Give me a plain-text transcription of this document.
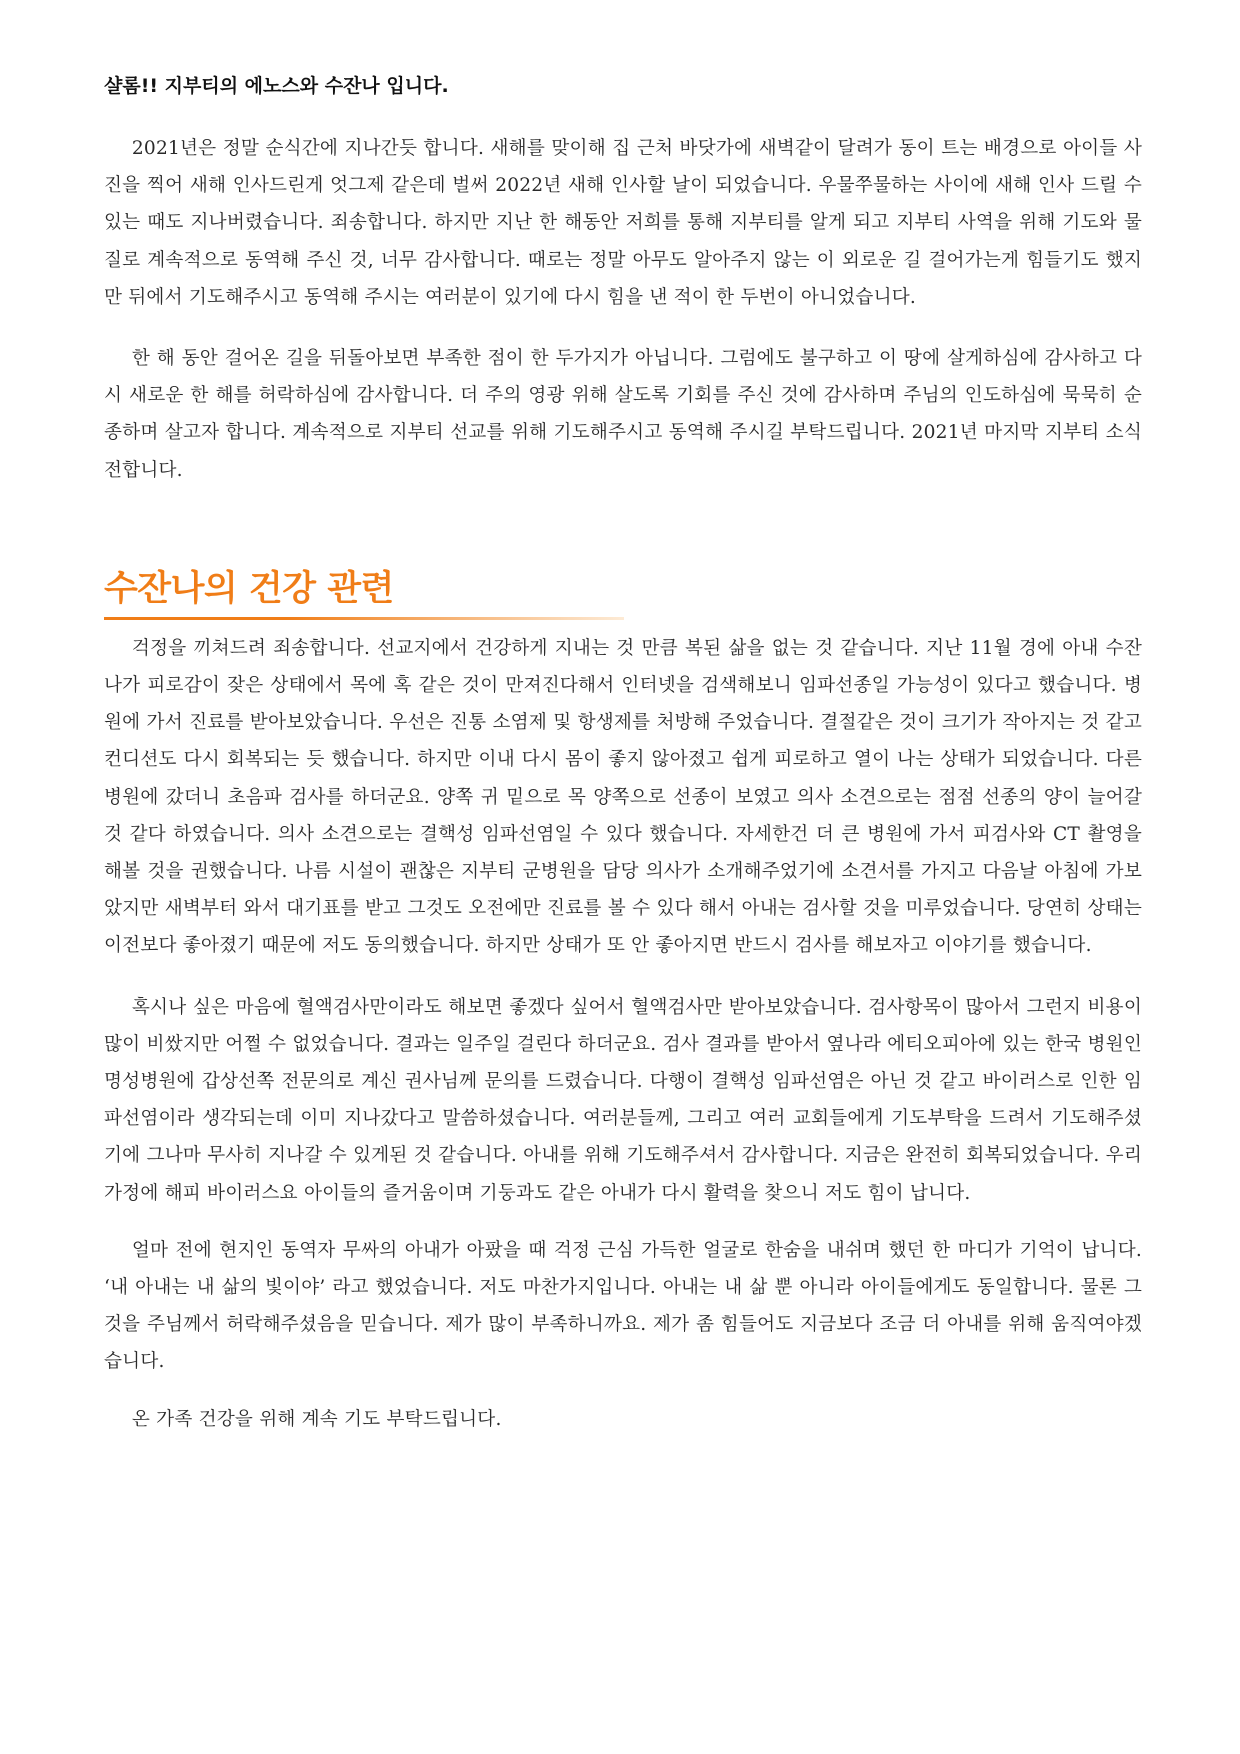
샬롬!! 지부티의 에노스와 수잔나 입니다.

2021년은 정말 순식간에 지나간듯 합니다. 새해를 맞이해 집 근처 바닷가에 새벽같이 달려가 동이 트는 배경으로 아이들 사진을 찍어 새해 인사드린게 엇그제 같은데 벌써 2022년 새해 인사할 날이 되었습니다. 우물쭈물하는 사이에 새해 인사 드릴 수 있는 때도 지나버렸습니다. 죄송합니다. 하지만 지난 한 해동안 저희를 통해 지부티를 알게 되고 지부티 사역을 위해 기도와 물질로 계속적으로 동역해 주신 것, 너무 감사합니다. 때로는 정말 아무도 알아주지 않는 이 외로운 길 걸어가는게 힘들기도 했지만 뒤에서 기도해주시고 동역해 주시는 여러분이 있기에 다시 힘을 낸 적이 한 두번이 아니었습니다.

한 해 동안 걸어온 길을 뒤돌아보면 부족한 점이 한 두가지가 아닙니다. 그럼에도 불구하고 이 땅에 살게하심에 감사하고 다시 새로운 한 해를 허락하심에 감사합니다. 더 주의 영광 위해 살도록 기회를 주신 것에 감사하며 주님의 인도하심에 묵묵히 순종하며 살고자 합니다. 계속적으로 지부티 선교를 위해 기도해주시고 동역해 주시길 부탁드립니다. 2021년 마지막 지부티 소식 전합니다.

수잔나의 건강 관련

걱정을 끼쳐드려 죄송합니다. 선교지에서 건강하게 지내는 것 만큼 복된 삶을 없는 것 같습니다. 지난 11월 경에 아내 수잔나가 피로감이 잦은 상태에서 목에 혹 같은 것이 만져진다해서 인터넷을 검색해보니 임파선종일 가능성이 있다고 했습니다. 병원에 가서 진료를 받아보았습니다. 우선은 진통 소염제 및 항생제를 처방해 주었습니다. 결절같은 것이 크기가 작아지는 것 같고 컨디션도 다시 회복되는 듯 했습니다. 하지만 이내 다시 몸이 좋지 않아졌고 쉽게 피로하고 열이 나는 상태가 되었습니다. 다른 병원에 갔더니 초음파 검사를 하더군요. 양쪽 귀 밑으로 목 양쪽으로 선종이 보였고 의사 소견으로는 점점 선종의 양이 늘어갈 것 같다 하였습니다. 의사 소견으로는 결핵성 임파선염일 수 있다 했습니다. 자세한건 더 큰 병원에 가서 피검사와 CT 촬영을 해볼 것을 권했습니다. 나름 시설이 괜찮은 지부티 군병원을 담당 의사가 소개해주었기에 소견서를 가지고 다음날 아침에 가보았지만 새벽부터 와서 대기표를 받고 그것도 오전에만 진료를 볼 수 있다 해서 아내는 검사할 것을 미루었습니다. 당연히 상태는 이전보다 좋아졌기 때문에 저도 동의했습니다. 하지만 상태가 또 안 좋아지면 반드시 검사를 해보자고 이야기를 했습니다.

혹시나 싶은 마음에 혈액검사만이라도 해보면 좋겠다 싶어서 혈액검사만 받아보았습니다. 검사항목이 많아서 그런지 비용이 많이 비쌌지만 어쩔 수 없었습니다. 결과는 일주일 걸린다 하더군요. 검사 결과를 받아서 옆나라 에티오피아에 있는 한국 병원인 명성병원에 갑상선쪽 전문의로 계신 권사님께 문의를 드렸습니다. 다행이 결핵성 임파선염은 아닌 것 같고 바이러스로 인한 임파선염이라 생각되는데 이미 지나갔다고 말씀하셨습니다. 여러분들께, 그리고 여러 교회들에게 기도부탁을 드려서 기도해주셨기에 그나마 무사히 지나갈 수 있게된 것 같습니다. 아내를 위해 기도해주셔서 감사합니다. 지금은 완전히 회복되었습니다. 우리 가정에 해피 바이러스요 아이들의 즐거움이며 기둥과도 같은 아내가 다시 활력을 찾으니 저도 힘이 납니다.

얼마 전에 현지인 동역자 무싸의 아내가 아팠을 때 걱정 근심 가득한 얼굴로 한숨을 내쉬며 했던 한 마디가 기억이 납니다. ‘내 아내는 내 삶의 빛이야’ 라고 했었습니다. 저도 마찬가지입니다. 아내는 내 삶 뿐 아니라 아이들에게도 동일합니다. 물론 그것을 주님께서 허락해주셨음을 믿습니다. 제가 많이 부족하니까요. 제가 좀 힘들어도 지금보다 조금 더 아내를 위해 움직여야겠습니다.

온 가족 건강을 위해 계속 기도 부탁드립니다.
